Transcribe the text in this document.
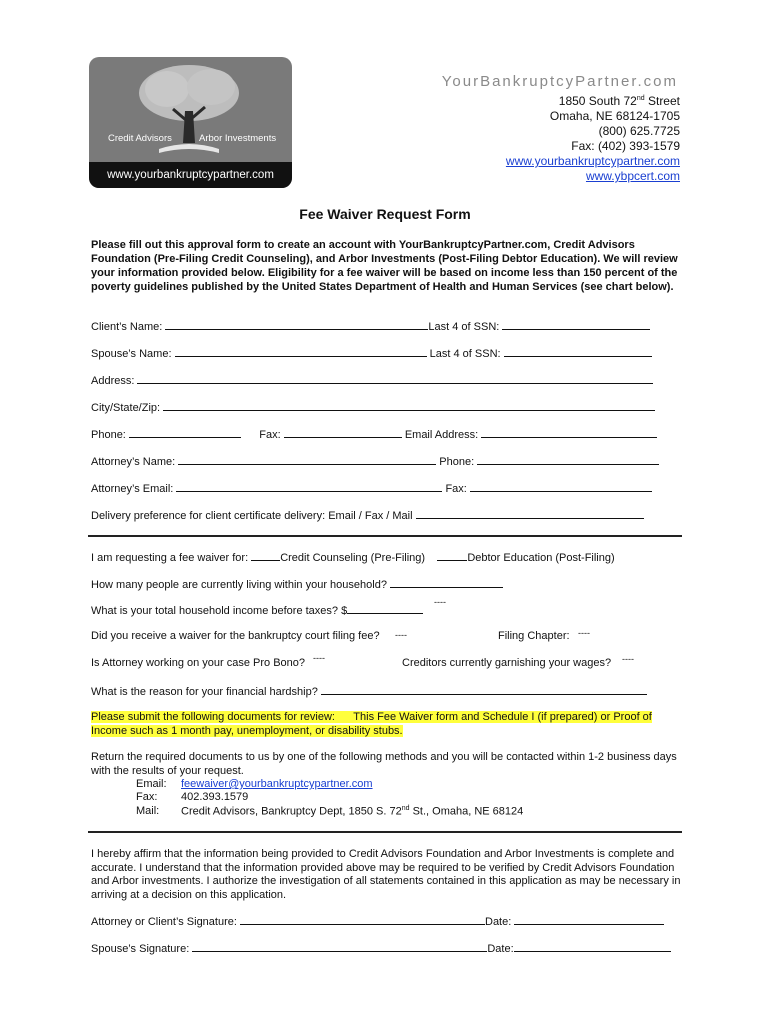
Credit Advisors	Arbor Investments
www.yourbankruptcypartner.com
YourBankruptcyPartner.com
1850 South 72nd Street
Omaha, NE 68124-1705
(800) 625.7725
Fax: (402) 393-1579
www.yourbankruptcypartner.com
www.ybpcert.com
Fee Waiver Request Form
Please fill out this approval form to create an account with YourBankruptcyPartner.com, Credit Advisors Foundation (Pre-Filing Credit Counseling), and Arbor Investments (Post-Filing Debtor Education). We will review your information provided below. Eligibility for a fee waiver will be based on income less than 150 percent of the poverty guidelines published by the United States Department of Health and Human Services (see chart below).
Client’s Name:	Last 4 of SSN:
Spouse’s Name:	Last 4 of SSN:
Address:
City/State/Zip:
Phone:	Fax:	Email Address:
Attorney’s Name:	Phone:
Attorney’s Email:	Fax:
Delivery preference for client certificate delivery: Email / Fax / Mail
I am requesting a fee waiver for:	Credit Counseling (Pre-Filing)	Debtor Education (Post-Filing)
How many people are currently living within your household?
What is your total household income before taxes? $
----
Did you receive a waiver for the bankruptcy court filing fee? ----	Filing Chapter: ----
Is Attorney working on your case Pro Bono? ----	Creditors currently garnishing your wages? ----
What is the reason for your financial hardship?
Please submit the following documents for review: This Fee Waiver form and Schedule I (if prepared) or Proof of
Income such as 1 month pay, unemployment, or disability stubs.
Return the required documents to us by one of the following methods and you will be contacted within 1-2 business days with the results of your request.
Email: feewaiver@yourbankruptcypartner.com
Fax: 402.393.1579
Mail: Credit Advisors, Bankruptcy Dept, 1850 S. 72nd St., Omaha, NE 68124
I hereby affirm that the information being provided to Credit Advisors Foundation and Arbor Investments is complete and accurate. I understand that the information provided above may be required to be verified by Credit Advisors Foundation and Arbor investments. I authorize the investigation of all statements contained in this application as may be necessary in arriving at a decision on this application.
Attorney or Client’s Signature:	Date:
Spouse’s Signature:	Date:
